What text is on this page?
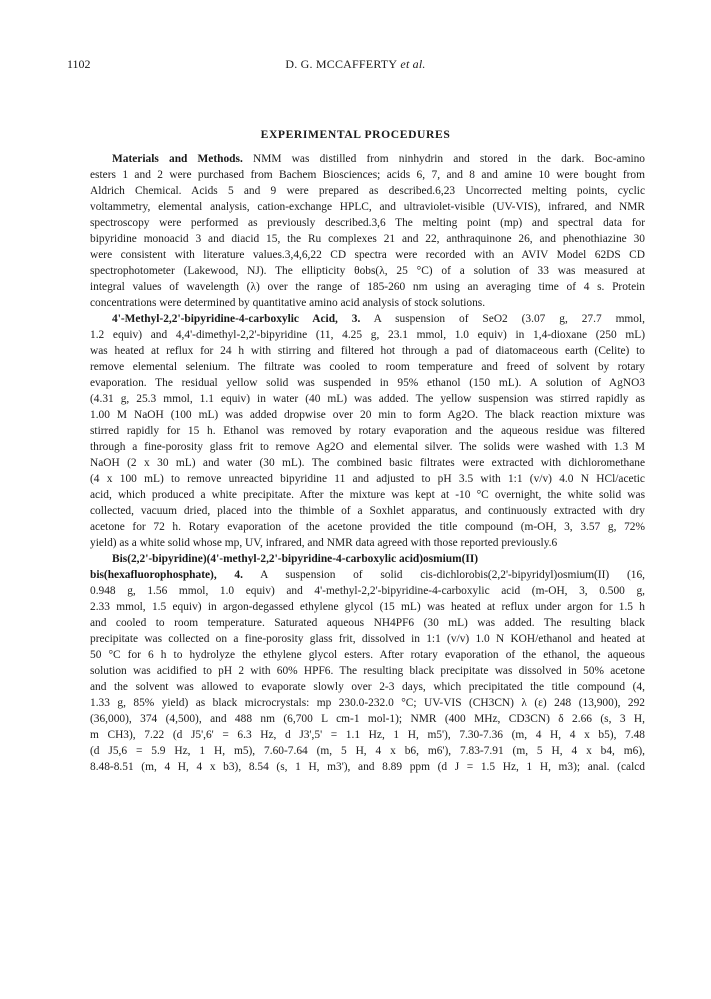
1102	D. G. MCCAFFERTY et al.
EXPERIMENTAL PROCEDURES
Materials and Methods. NMM was distilled from ninhydrin and stored in the dark. Boc-amino
esters 1 and 2 were purchased from Bachem Biosciences; acids 6, 7, and 8 and amine 10 were bought from
Aldrich Chemical. Acids 5 and 9 were prepared as described.6,23 Uncorrected melting points, cyclic
voltammetry, elemental analysis, cation-exchange HPLC, and ultraviolet-visible (UV-VIS), infrared, and NMR
spectroscopy were performed as previously described.3,6 The melting point (mp) and spectral data for
bipyridine monoacid 3 and diacid 15, the Ru complexes 21 and 22, anthraquinone 26, and phenothiazine 30
were consistent with literature values.3,4,6,22 CD spectra were recorded with an AVIV Model 62DS CD
spectrophotometer (Lakewood, NJ). The ellipticity θobs(λ, 25 °C) of a solution of 33 was measured at
integral values of wavelength (λ) over the range of 185-260 nm using an averaging time of 4 s. Protein
concentrations were determined by quantitative amino acid analysis of stock solutions.
4'-Methyl-2,2'-bipyridine-4-carboxylic Acid, 3. A suspension of SeO2 (3.07 g, 27.7 mmol,
1.2 equiv) and 4,4'-dimethyl-2,2'-bipyridine (11, 4.25 g, 23.1 mmol, 1.0 equiv) in 1,4-dioxane (250 mL)
was heated at reflux for 24 h with stirring and filtered hot through a pad of diatomaceous earth (Celite) to
remove elemental selenium. The filtrate was cooled to room temperature and freed of solvent by rotary
evaporation. The residual yellow solid was suspended in 95% ethanol (150 mL). A solution of AgNO3
(4.31 g, 25.3 mmol, 1.1 equiv) in water (40 mL) was added. The yellow suspension was stirred rapidly as
1.00 M NaOH (100 mL) was added dropwise over 20 min to form Ag2O. The black reaction mixture was
stirred rapidly for 15 h. Ethanol was removed by rotary evaporation and the aqueous residue was filtered
through a fine-porosity glass frit to remove Ag2O and elemental silver. The solids were washed with 1.3 M
NaOH (2 x 30 mL) and water (30 mL). The combined basic filtrates were extracted with dichloromethane
(4 x 100 mL) to remove unreacted bipyridine 11 and adjusted to pH 3.5 with 1:1 (v/v) 4.0 N HCl/acetic
acid, which produced a white precipitate. After the mixture was kept at -10 °C overnight, the white solid was
collected, vacuum dried, placed into the thimble of a Soxhlet apparatus, and continuously extracted with dry
acetone for 72 h. Rotary evaporation of the acetone provided the title compound (m-OH, 3, 3.57 g, 72%
yield) as a white solid whose mp, UV, infrared, and NMR data agreed with those reported previously.6
Bis(2,2'-bipyridine)(4'-methyl-2,2'-bipyridine-4-carboxylic acid)osmium(II)
bis(hexafluorophosphate), 4. A suspension of solid cis-dichlorobis(2,2'-bipyridyl)osmium(II) (16,
0.948 g, 1.56 mmol, 1.0 equiv) and 4'-methyl-2,2'-bipyridine-4-carboxylic acid (m-OH, 3, 0.500 g,
2.33 mmol, 1.5 equiv) in argon-degassed ethylene glycol (15 mL) was heated at reflux under argon for 1.5 h
and cooled to room temperature. Saturated aqueous NH4PF6 (30 mL) was added. The resulting black
precipitate was collected on a fine-porosity glass frit, dissolved in 1:1 (v/v) 1.0 N KOH/ethanol and heated at
50 °C for 6 h to hydrolyze the ethylene glycol esters. After rotary evaporation of the ethanol, the aqueous
solution was acidified to pH 2 with 60% HPF6. The resulting black precipitate was dissolved in 50% acetone
and the solvent was allowed to evaporate slowly over 2-3 days, which precipitated the title compound (4,
1.33 g, 85% yield) as black microcrystals: mp 230.0-232.0 °C; UV-VIS (CH3CN) λ (ε) 248 (13,900), 292
(36,000), 374 (4,500), and 488 nm (6,700 L cm-1 mol-1); NMR (400 MHz, CD3CN) δ 2.66 (s, 3 H,
m CH3), 7.22 (d J5',6' = 6.3 Hz, d J3',5' = 1.1 Hz, 1 H, m5'), 7.30-7.36 (m, 4 H, 4 x b5), 7.48
(d J5,6 = 5.9 Hz, 1 H, m5), 7.60-7.64 (m, 5 H, 4 x b6, m6'), 7.83-7.91 (m, 5 H, 4 x b4, m6),
8.48-8.51 (m, 4 H, 4 x b3), 8.54 (s, 1 H, m3'), and 8.89 ppm (d J = 1.5 Hz, 1 H, m3); anal. (calcd
